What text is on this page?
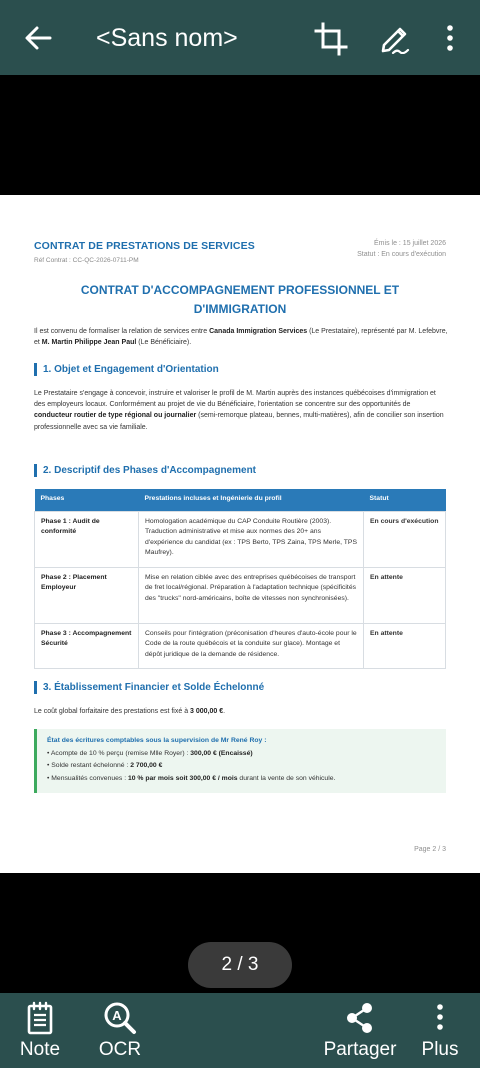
<Sans nom>
CONTRAT DE PRESTATIONS DE SERVICES
Réf Contrat : CC-QC-2026-0711-PM
Émis le : 15 juillet 2026
Statut : En cours d'exécution
CONTRAT D'ACCOMPAGNEMENT PROFESSIONNEL ET D'IMMIGRATION
Il est convenu de formaliser la relation de services entre Canada Immigration Services (Le Prestataire), représenté par M. Lefebvre, et M. Martin Philippe Jean Paul (Le Bénéficiaire).
1. Objet et Engagement d'Orientation
Le Prestataire s'engage à concevoir, instruire et valoriser le profil de M. Martin auprès des instances québécoises d'immigration et des employeurs locaux. Conformément au projet de vie du Bénéficiaire, l'orientation se concentre sur des opportunités de conducteur routier de type régional ou journalier (semi-remorque plateau, bennes, multi-matières), afin de concilier son insertion professionnelle avec sa vie familiale.
2. Descriptif des Phases d'Accompagnement
Phases	Prestations incluses et Ingénierie du profil	Statut
Phase 1 : Audit de conformité	Homologation académique du CAP Conduite Routière (2003). Traduction administrative et mise aux normes des 20+ ans d'expérience du candidat (ex : TPS Berto, TPS Zaina, TPS Merle, TPS Maufrey).	En cours d'exécution
Phase 2 : Placement Employeur	Mise en relation ciblée avec des entreprises québécoises de transport de fret local/régional. Préparation à l'adaptation technique (spécificités des "trucks" nord-américains, boîte de vitesses non synchronisées).	En attente
Phase 3 : Accompagnement Sécurité	Conseils pour l'intégration (préconisation d'heures d'auto-école pour le Code de la route québécois et la conduite sur glace). Montage et dépôt juridique de la demande de résidence.	En attente
3. Établissement Financier et Solde Échelonné
Le coût global forfaitaire des prestations est fixé à 3 000,00 €.
État des écritures comptables sous la supervision de Mr René Roy :
• Acompte de 10 % perçu (remise Mlle Royer) : 300,00 € (Encaissé)
• Solde restant échelonné : 2 700,00 €
• Mensualités convenues : 10 % par mois soit 300,00 € / mois durant la vente de son véhicule.
Page 2 / 3
2 / 3
Note
A
OCR	Partager Plus
